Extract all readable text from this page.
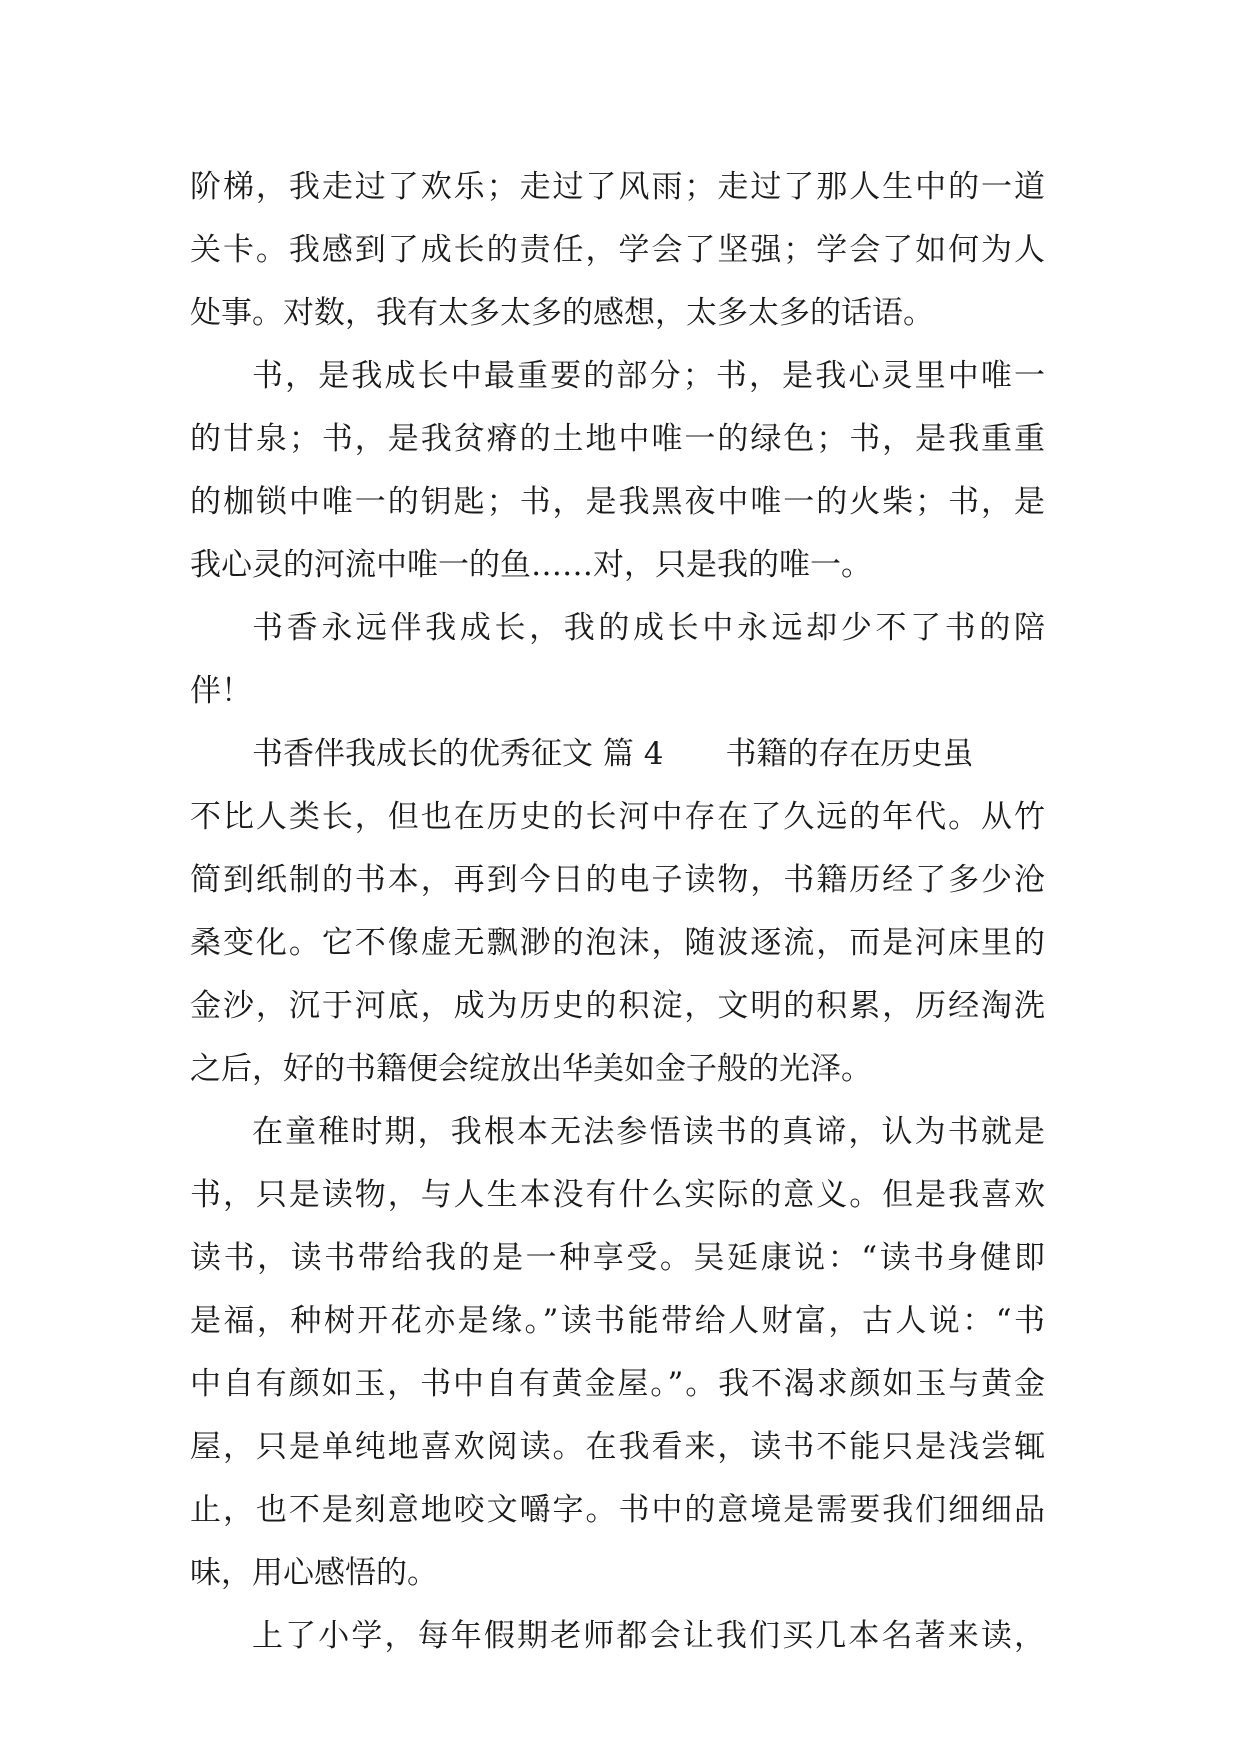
阶梯，我走过了欢乐；走过了风雨；走过了那人生中的一道
关卡。我感到了成长的责任，学会了坚强；学会了如何为人
处事。对数，我有太多太多的感想，太多太多的话语。
书，是我成长中最重要的部分；书，是我心灵里中唯一
的甘泉；书，是我贫瘠的土地中唯一的绿色；书，是我重重
的枷锁中唯一的钥匙；书，是我黑夜中唯一的火柴；书，是
我心灵的河流中唯一的鱼……对，只是我的唯一。
书香永远伴我成长，我的成长中永远却少不了书的陪
伴！
书香伴我成长的优秀征文 篇 4 书籍的存在历史虽
不比人类长，但也在历史的长河中存在了久远的年代。从竹
简到纸制的书本，再到今日的电子读物，书籍历经了多少沧
桑变化。它不像虚无飘渺的泡沫，随波逐流，而是河床里的
金沙，沉于河底，成为历史的积淀，文明的积累，历经淘洗
之后，好的书籍便会绽放出华美如金子般的光泽。
在童稚时期，我根本无法参悟读书的真谛，认为书就是
书，只是读物，与人生本没有什么实际的意义。但是我喜欢
读书，读书带给我的是一种享受。吴延康说：“读书身健即
是福，种树开花亦是缘。”读书能带给人财富，古人说：“书
中自有颜如玉，书中自有黄金屋。”。我不渴求颜如玉与黄金
屋，只是单纯地喜欢阅读。在我看来，读书不能只是浅尝辄
止，也不是刻意地咬文嚼字。书中的意境是需要我们细细品
味，用心感悟的。
上了小学，每年假期老师都会让我们买几本名著来读，
